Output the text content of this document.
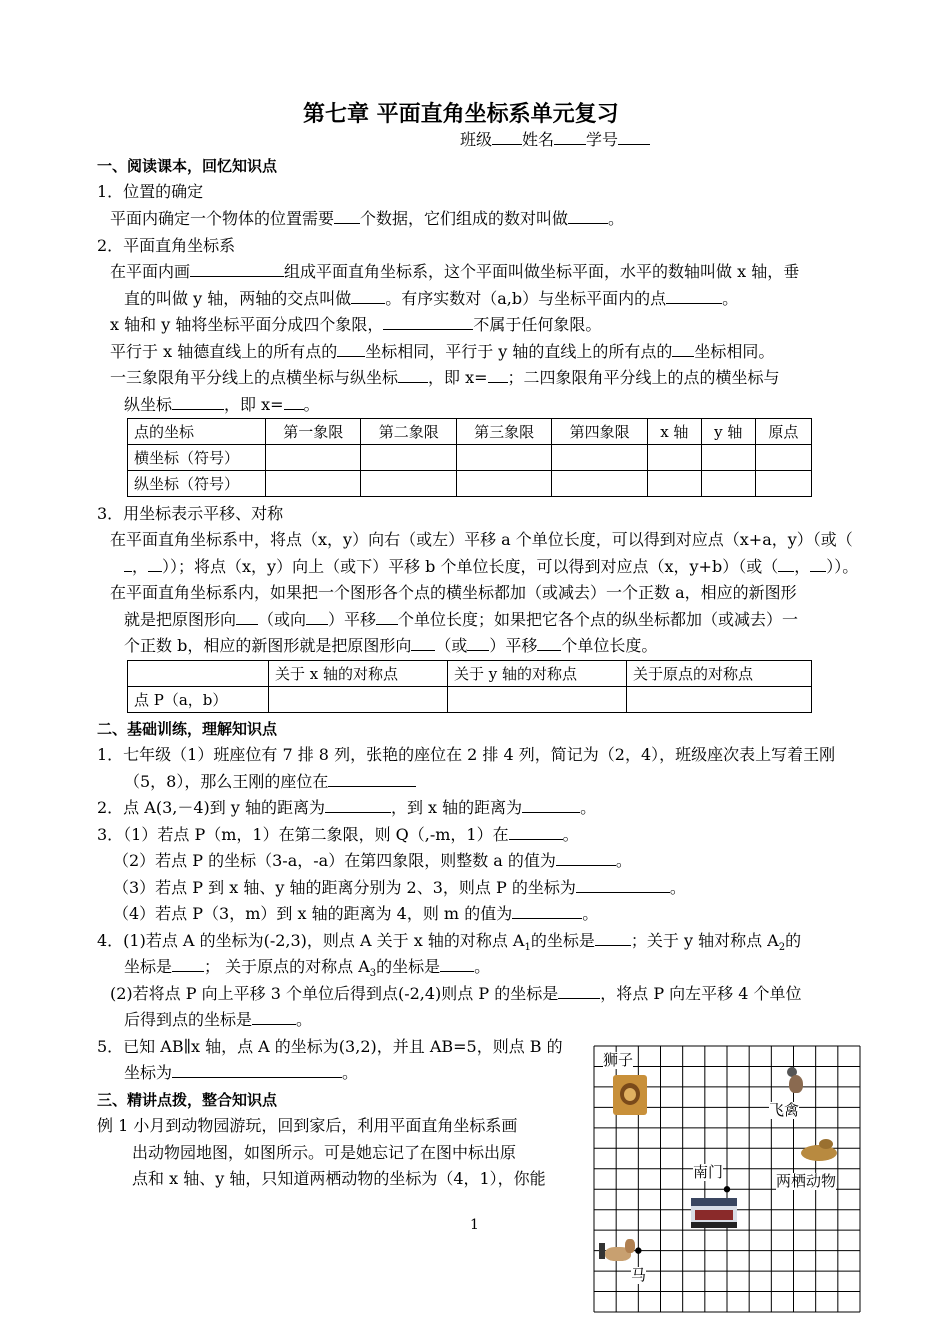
第七章 平面直角坐标系单元复习
班级 姓名 学号
一、阅读课本，回忆知识点
1．位置的确定
平面内确定一个物体的位置需要 个数据，它们组成的数对叫做	。
2．平面直角坐标系
在平面内画	组成平面直角坐标系，这个平面叫做坐标平面，水平的数轴叫做 x 轴，垂
直的叫做 y 轴，两轴的交点叫做 。有序实数对（a,b）与坐标平面内的点	。
x 轴和 y 轴将坐标平面分成四个象限，	不属于任何象限。
平行于 x 轴德直线上的所有点的 坐标相同，平行于 y 轴的直线上的所有点的 坐标相同。
一三象限角平分线上的点横坐标与纵坐标 ，即 x= ；二四象限角平分线上的点的横坐标与
纵坐标	，即 x= 。
点的坐标	第一象限	第二象限	第三象限	第四象限	x 轴	y 轴	原点
横坐标（符号）							
纵坐标（符号）							
3．用坐标表示平移、对称
在平面直角坐标系中，将点（x，y）向右（或左）平移 a 个单位长度，可以得到对应点（x+a，y）（或（
， ））；将点（x，y）向上（或下）平移 b 个单位长度，可以得到对应点（x，y+b）（或（ ， ））。
在平面直角坐标系内，如果把一个图形各个点的横坐标都加（或减去）一个正数 a，相应的新图形
就是把原图形向 （或向 ）平移 个单位长度；如果把它各个点的纵坐标都加（或减去）一
个正数 b，相应的新图形就是把原图形向 （或 ）平移 个单位长度。
	关于 x 轴的对称点	关于 y 轴的对称点	关于原点的对称点
点 P（a，b）			
二、基础训练，理解知识点
1．七年级（1）班座位有 7 排 8 列，张艳的座位在 2 排 4 列，简记为（2，4），班级座次表上写着王刚
（5，8），那么王刚的座位在
2．点 A(3,－4)到 y 轴的距离为	，到 x 轴的距离为	。
3．（1）若点 P（m，1）在第二象限，则 Q（,-m，1）在	。
（2）若点 P 的坐标（3-a，-a）在第四象限，则整数 a 的值为	。
（3）若点 P 到 x 轴、y 轴的距离分别为 2、3，则点 P 的坐标为	。
（4）若点 P（3，m）到 x 轴的距离为 4，则 m 的值为	。
4．(1)若点 A 的坐标为(-2,3)，则点 A 关于 x 轴的对称点 $A_1$的坐标是 ；关于 y 轴对称点 $A_2$的
坐标是 ； 关于原点的对称点 $A_3$的坐标是 。
(2)若将点 P 向上平移 3 个单位后得到点(-2,4)则点 P 的坐标是	，将点 P 向左平移 4 个单位
后得到点的坐标是	。
5．已知 AB∥x 轴，点 A 的坐标为(3,2)，并且 AB=5，则点 B 的
坐标为	。
三、精讲点拨，整合知识点
例 1 小月到动物园游玩，回到家后，利用平面直角坐标系画
出动物园地图，如图所示。可是她忘记了在图中标出原
点和 x 轴、y 轴，只知道两栖动物的坐标为（4，1），你能
1
狮子
飞禽
两栖动物
南门
马
